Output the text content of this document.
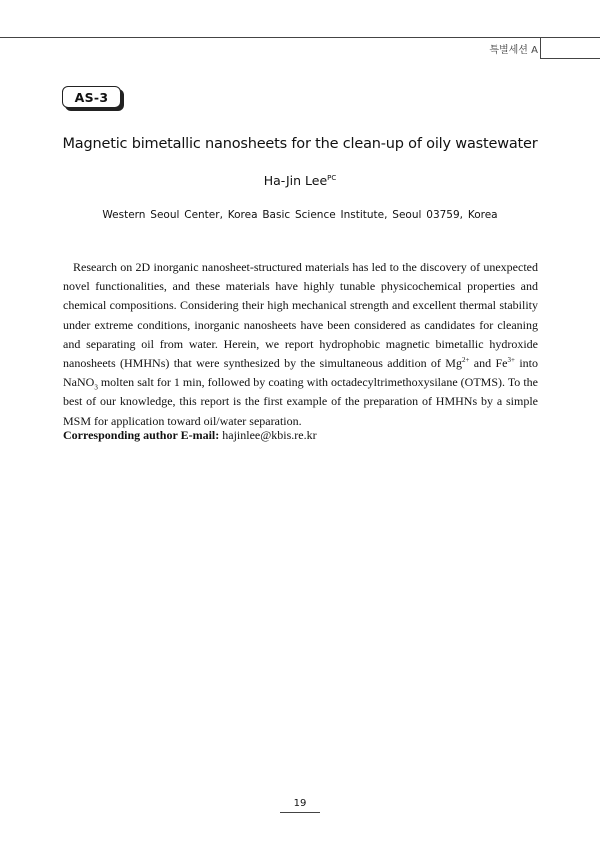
특별세션 A
AS-3
Magnetic bimetallic nanosheets for the clean-up of oily wastewater
Ha-Jin Lee$^{PC}$
Western Seoul Center, Korea Basic Science Institute, Seoul 03759, Korea

Research on 2D inorganic nanosheet-structured materials has led to the discovery of unexpected novel functionalities, and these materials have highly tunable physicochemical properties and chemical compositions. Considering their high mechanical strength and excellent thermal stability under extreme conditions, inorganic nanosheets have been considered as candidates for cleaning and separating oil from water. Herein, we report hydrophobic magnetic bimetallic hydroxide nanosheets (HMHNs) that were synthesized by the simultaneous addition of $Mg^{2+}$ and $Fe^{3+}$ into NaNO$_3$ molten salt for 1 min, followed by coating with octadecyltrimethoxysilane (OTMS). To the best of our knowledge, this report is the first example of the preparation of HMHNs by a simple MSM for application toward oil/water separation.

Corresponding author E-mail: hajinlee@kbis.re.kr

19
